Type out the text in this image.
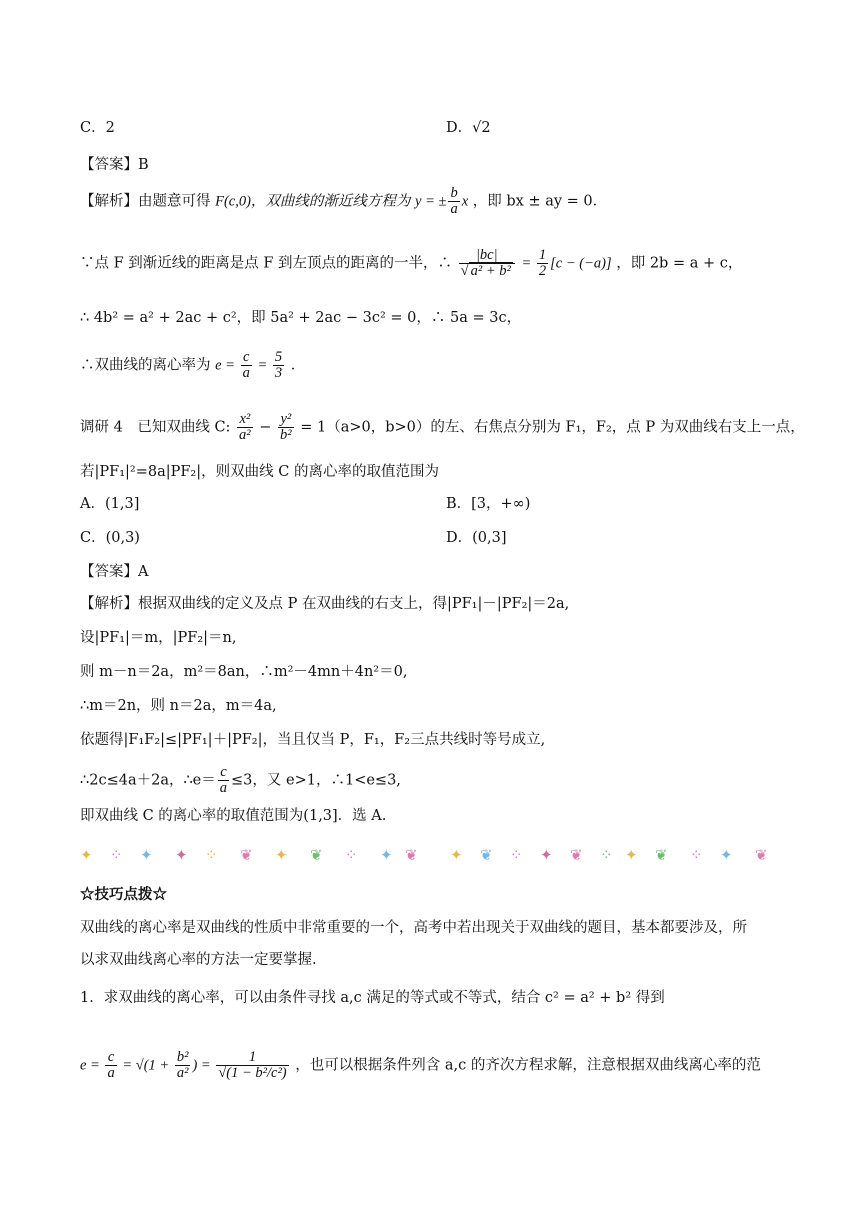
C．2	D．√2
【答案】B
【解析】由题意可得 F(c,0)，双曲线的渐近线方程为 y = ± $\frac{b}{a}$ x ，即 bx ± ay = 0．
∵点 F 到渐近线的距离是点 F 到左顶点的距离的一半，∴ $\frac{|bc|}{\text{√ a² + b²}} = \frac{1}{2} [c - (-a)]$ ，即 2b = a + c，
∴ 4b² = a² + 2ac + c²，即 5a² + 2ac − 3c² = 0，∴ 5a = 3c，
∴双曲线的离心率为 $e = \frac{c}{a} = \frac{5}{3}$ ．
调研 4　已知双曲线 C: $\frac{\text{x²}}{\text{a²}} - \frac{\text{y²}}{\text{b²}} = 1(a>0$，b>0）的左、右焦点分别为 F₁，F₂，点 P 为双曲线右支上一点，
若|PF₁|²=8a|PF₂|，则双曲线 C 的离心率的取值范围为
A．(1,3]	B．[3，+∞)
C．(0,3)	D．(0,3]
【答案】A
【解析】根据双曲线的定义及点 P 在双曲线的右支上，得|PF₁|－|PF₂|＝2a,
设|PF₁|＝m，|PF₂|＝n,
则 m－n＝2a，m²＝8an，∴m²－4mn＋4n²＝0,
∴m＝2n，则 n＝2a，m＝4a,
依题得|F₁F₂|≤|PF₁|＋|PF₂|，当且仅当 P，F₁，F₂三点共线时等号成立,
∴2c≤4a＋2a，∴e＝ $\frac{c}{a} \le 3$，又 e>1，∴1<e≤3,
即双曲线 C 的离心率的取值范围为(1,3]．选 A.
✦ ⁘ ✦ ✦ ⁘ ❦ ✦ ❦ ⁘ ✦ ❦ ✦ ❦ ⁘ ✦ ❦ ⁘ ✦ ❦ ⁘ ✦ ❦
☆技巧点拨☆
双曲线的离心率是双曲线的性质中非常重要的一个，高考中若出现关于双曲线的题目，基本都要涉及，所
以求双曲线离心率的方法一定要掌握.
1．求双曲线的离心率，可以由条件寻找 a,c 满足的等式或不等式，结合 c² = a² + b² 得到
$e = \frac{c}{a} = √(1 + \frac{\text{b²}}{\text{a²}}$ ) = $\frac{1}{\text{√(1 − b²/c²)}}$ ，也可以根据条件列含 a,c 的齐次方程求解，注意根据双曲线离心率的范
